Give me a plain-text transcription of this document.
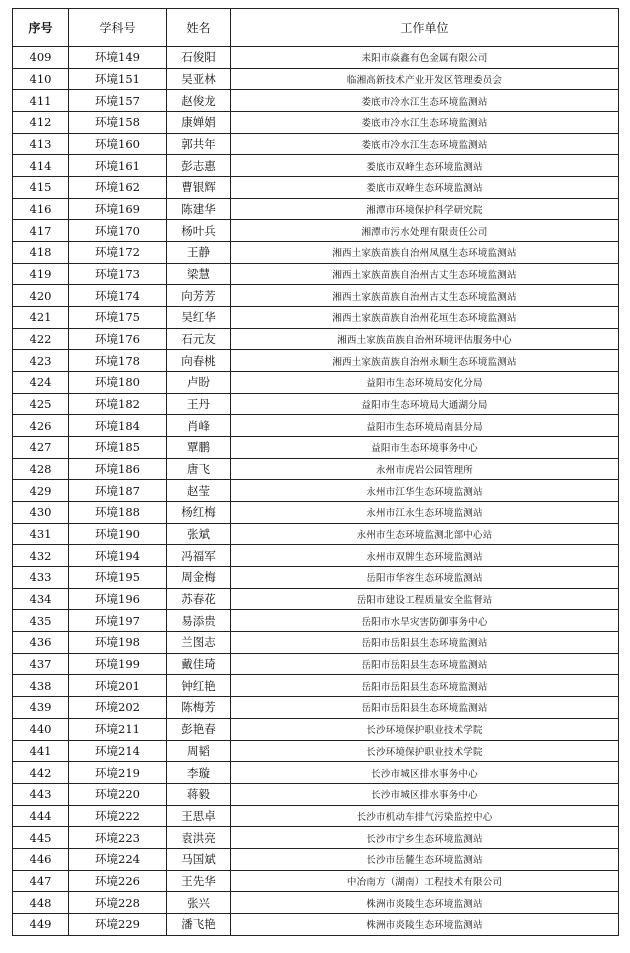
序号	学科号	姓名	工作单位
409	环境149	石俊阳	耒阳市焱鑫有色金属有限公司
410	环境151	吴亚林	临湘高新技术产业开发区管理委员会
411	环境157	赵俊龙	娄底市冷水江生态环境监测站
412	环境158	康婵娟	娄底市冷水江生态环境监测站
413	环境160	郭共年	娄底市冷水江生态环境监测站
414	环境161	彭志惠	娄底市双峰生态环境监测站
415	环境162	曹银辉	娄底市双峰生态环境监测站
416	环境169	陈建华	湘潭市环境保护科学研究院
417	环境170	杨叶兵	湘潭市污水处理有限责任公司
418	环境172	王静	湘西土家族苗族自治州凤凰生态环境监测站
419	环境173	梁慧	湘西土家族苗族自治州古丈生态环境监测站
420	环境174	向芳芳	湘西土家族苗族自治州古丈生态环境监测站
421	环境175	吴红华	湘西土家族苗族自治州花垣生态环境监测站
422	环境176	石元友	湘西土家族苗族自治州环境评估服务中心
423	环境178	向春桃	湘西土家族苗族自治州永顺生态环境监测站
424	环境180	卢盼	益阳市生态环境局安化分局
425	环境182	王丹	益阳市生态环境局大通湖分局
426	环境184	肖峰	益阳市生态环境局南县分局
427	环境185	覃鹏	益阳市生态环境事务中心
428	环境186	唐飞	永州市虎岩公园管理所
429	环境187	赵莹	永州市江华生态环境监测站
430	环境188	杨红梅	永州市江永生态环境监测站
431	环境190	张斌	永州市生态环境监测北部中心站
432	环境194	冯福军	永州市双牌生态环境监测站
433	环境195	周金梅	岳阳市华容生态环境监测站
434	环境196	苏春花	岳阳市建设工程质量安全监督站
435	环境197	易添贵	岳阳市水旱灾害防御事务中心
436	环境198	兰图志	岳阳市岳阳县生态环境监测站
437	环境199	戴佳琦	岳阳市岳阳县生态环境监测站
438	环境201	钟红艳	岳阳市岳阳县生态环境监测站
439	环境202	陈梅芳	岳阳市岳阳县生态环境监测站
440	环境211	彭艳春	长沙环境保护职业技术学院
441	环境214	周韬	长沙环境保护职业技术学院
442	环境219	李璇	长沙市城区排水事务中心
443	环境220	蒋毅	长沙市城区排水事务中心
444	环境222	王思卓	长沙市机动车排气污染监控中心
445	环境223	袁洪亮	长沙市宁乡生态环境监测站
446	环境224	马国斌	长沙市岳麓生态环境监测站
447	环境226	王先华	中冶南方（湖南）工程技术有限公司
448	环境228	张兴	株洲市炎陵生态环境监测站
449	环境229	潘飞艳	株洲市炎陵生态环境监测站
